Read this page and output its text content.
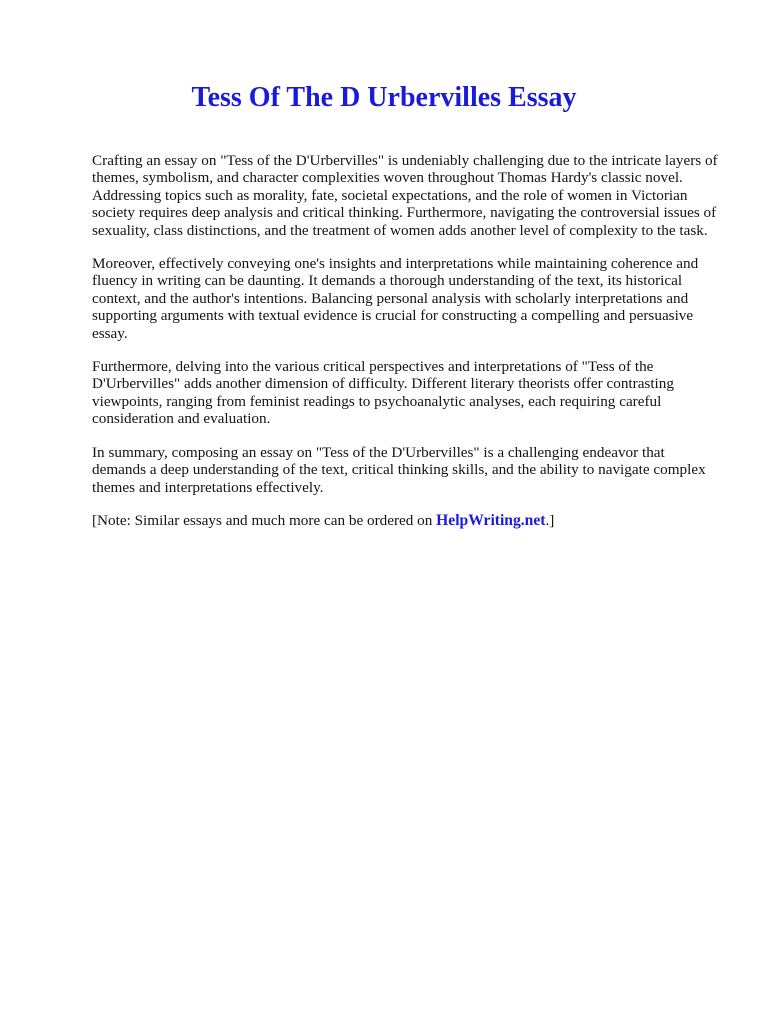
Tess Of The D Urbervilles Essay

Crafting an essay on "Tess of the D'Urbervilles" is undeniably challenging due to the intricate layers of themes, symbolism, and character complexities woven throughout Thomas Hardy's classic novel. Addressing topics such as morality, fate, societal expectations, and the role of women in Victorian society requires deep analysis and critical thinking. Furthermore, navigating the controversial issues of sexuality, class distinctions, and the treatment of women adds another level of complexity to the task.

Moreover, effectively conveying one's insights and interpretations while maintaining coherence and fluency in writing can be daunting. It demands a thorough understanding of the text, its historical context, and the author's intentions. Balancing personal analysis with scholarly interpretations and supporting arguments with textual evidence is crucial for constructing a compelling and persuasive essay.

Furthermore, delving into the various critical perspectives and interpretations of "Tess of the D'Urbervilles" adds another dimension of difficulty. Different literary theorists offer contrasting viewpoints, ranging from feminist readings to psychoanalytic analyses, each requiring careful consideration and evaluation.

In summary, composing an essay on "Tess of the D'Urbervilles" is a challenging endeavor that demands a deep understanding of the text, critical thinking skills, and the ability to navigate complex themes and interpretations effectively.

[Note: Similar essays and much more can be ordered on HelpWriting.net.]
